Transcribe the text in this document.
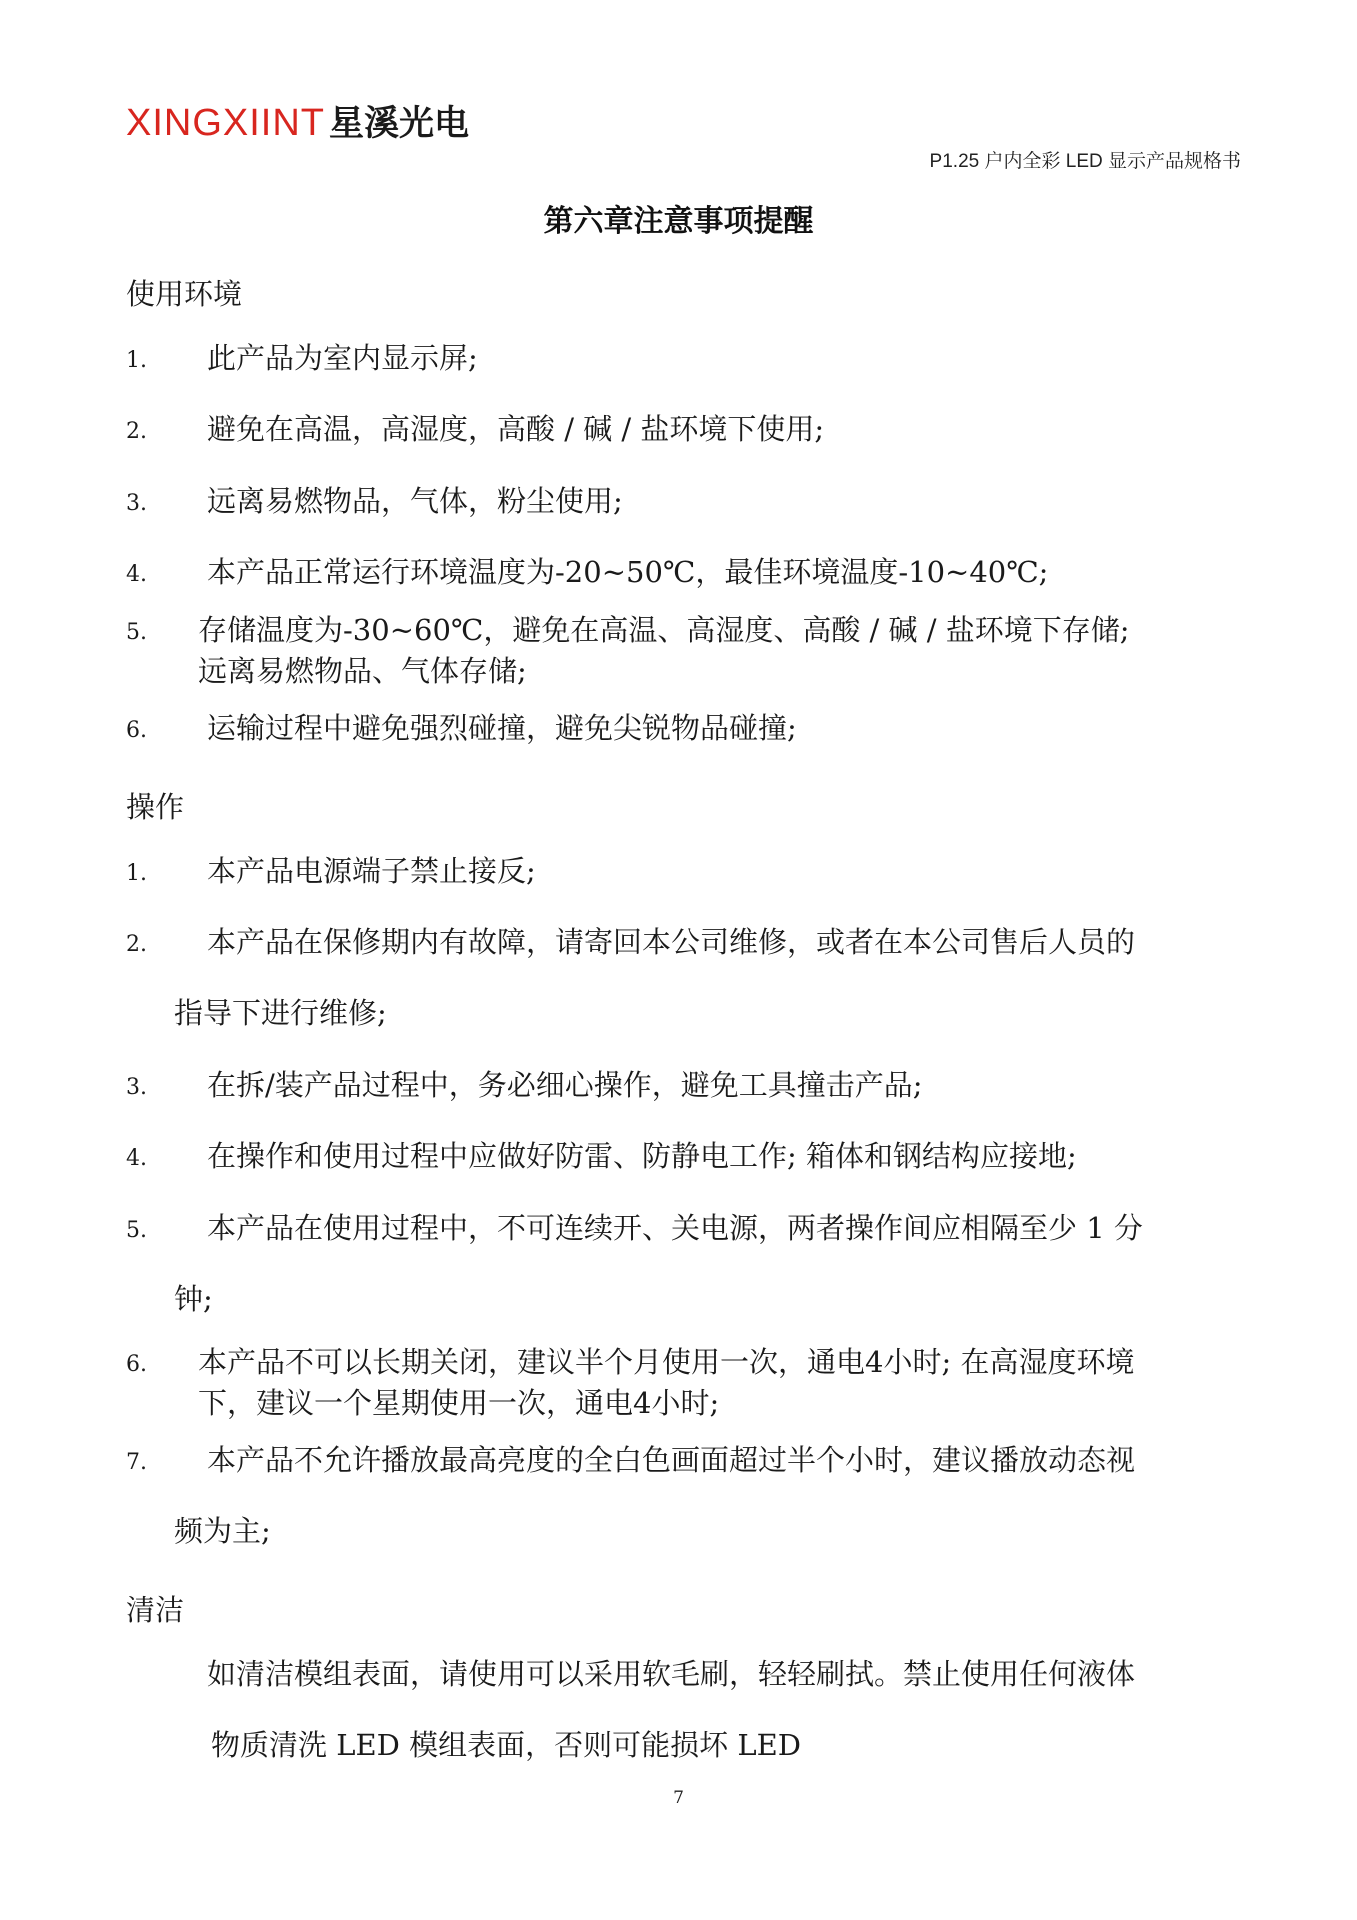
XINGXIINT 星溪光电
P1.25 户内全彩 LED 显示产品规格书
第六章注意事项提醒
使用环境
1. 此产品为室内显示屏;
2. 避免在高温，高湿度，高酸 / 碱 / 盐环境下使用;
3. 远离易燃物品，气体，粉尘使用;
4. 本产品正常运行环境温度为-20~50℃，最佳环境温度-10~40℃;
5. 存储温度为-30~60℃，避免在高温、高湿度、高酸 / 碱 / 盐环境下存储;
远离易燃物品、气体存储;
6. 运输过程中避免强烈碰撞，避免尖锐物品碰撞;
操作
1. 本产品电源端子禁止接反;
2. 本产品在保修期内有故障，请寄回本公司维修，或者在本公司售后人员的
指导下进行维修;
3. 在拆/装产品过程中，务必细心操作，避免工具撞击产品;
4. 在操作和使用过程中应做好防雷、防静电工作; 箱体和钢结构应接地;
5. 本产品在使用过程中，不可连续开、关电源，两者操作间应相隔至少 1 分
钟;
6. 本产品不可以长期关闭，建议半个月使用一次，通电4小时; 在高湿度环境
下，建议一个星期使用一次，通电4小时;
7. 本产品不允许播放最高亮度的全白色画面超过半个小时，建议播放动态视
频为主;
清洁
如清洁模组表面，请使用可以采用软毛刷，轻轻刷拭。禁止使用任何液体
物质清洗 LED 模组表面，否则可能损坏 LED
7
